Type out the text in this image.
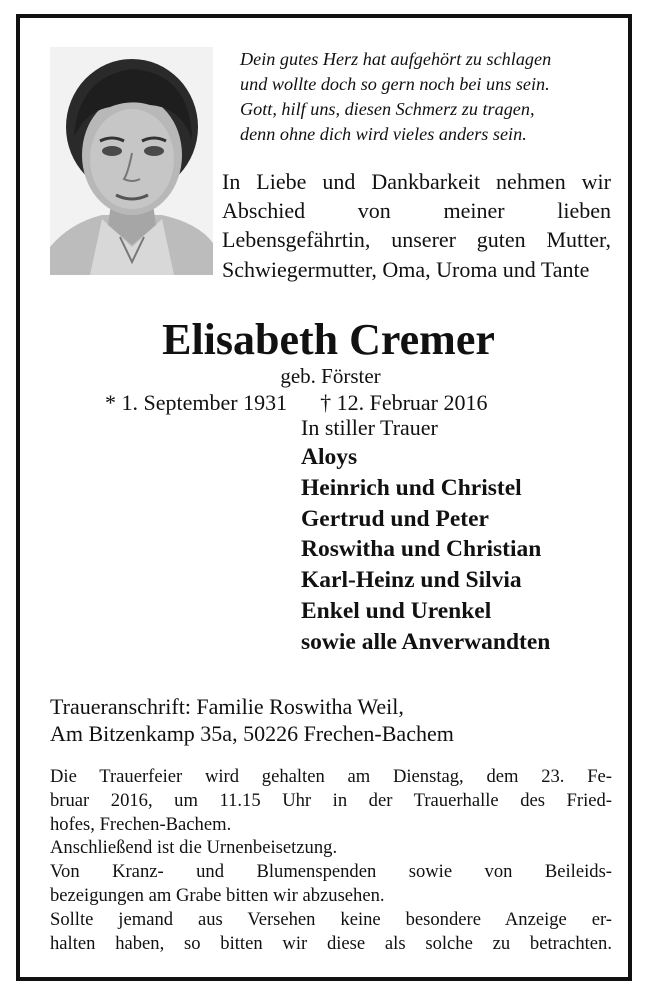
Dein gutes Herz hat aufgehört zu schlagen
und wollte doch so gern noch bei uns sein.
Gott, hilf uns, diesen Schmerz zu tragen,
denn ohne dich wird vieles anders sein.
In Liebe und Dankbarkeit nehmen wir Abschied von meiner lieben Lebensgefährtin, unserer guten Mutter, Schwiegermutter, Oma, Uroma und Tante
Elisabeth Cremer
geb. Förster
* 1. September 1931 † 12. Februar 2016
In stiller Trauer
Aloys
Heinrich und Christel
Gertrud und Peter
Roswitha und Christian
Karl-Heinz und Silvia
Enkel und Urenkel
sowie alle Anverwandten
Traueranschrift: Familie Roswitha Weil,
Am Bitzenkamp 35a, 50226 Frechen-Bachem
Die Trauerfeier wird gehalten am Dienstag, dem 23. Fe-
bruar 2016, um 11.15 Uhr in der Trauerhalle des Fried-
hofes, Frechen-Bachem.
Anschließend ist die Urnenbeisetzung.
Von Kranz- und Blumenspenden sowie von Beileids-
bezeigungen am Grabe bitten wir abzusehen.
Sollte jemand aus Versehen keine besondere Anzeige er-
halten haben, so bitten wir diese als solche zu betrachten.
